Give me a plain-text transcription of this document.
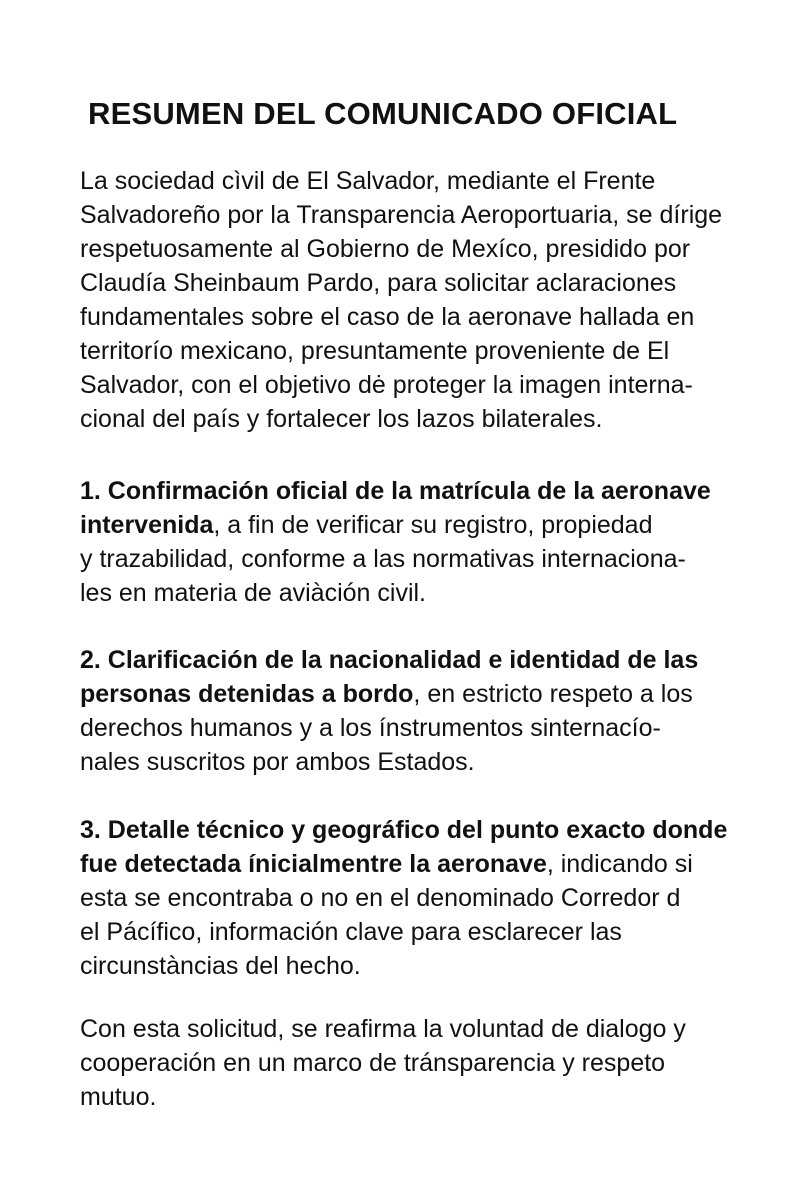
RESUMEN DEL COMUNICADO OFICIAL

La sociedad cìvil de El Salvador, mediante el Frente
Salvadoreño por la Transparencia Aeroportuaria, se dírige
respetuosamente al Gobierno de Mexíco, presidido por
Claudía Sheinbaum Pardo, para solicitar aclaraciones
fundamentales sobre el caso de la aeronave hallada en
territorío mexicano, presuntamente proveniente de El
Salvador, con el objetivo dė proteger la imagen interna-
cional del país y fortalecer los lazos bilaterales.

1. Confirmación oficial de la matrícula de la aeronave
intervenida, a fin de verificar su registro, propiedad
y trazabilidad, conforme a las normativas internaciona-
les en materia de aviàción civil.

2. Clarificación de la nacionalidad e identidad de las
personas detenidas a bordo, en estricto respeto a los
derechos humanos y a los ínstrumentos sinternacío-
nales suscritos por ambos Estados.

3. Detalle técnico y geográfico del punto exacto donde
fue detectada ínicialmentre la aeronave, indicando si
esta se encontraba o no en el denominado Corredor d
el Pácífico, información clave para esclarecer las
circunstàncias del hecho.

Con esta solicitud, se reafirma la voluntad de dialogo y
cooperación en un marco de tránsparencia y respeto
mutuo.
